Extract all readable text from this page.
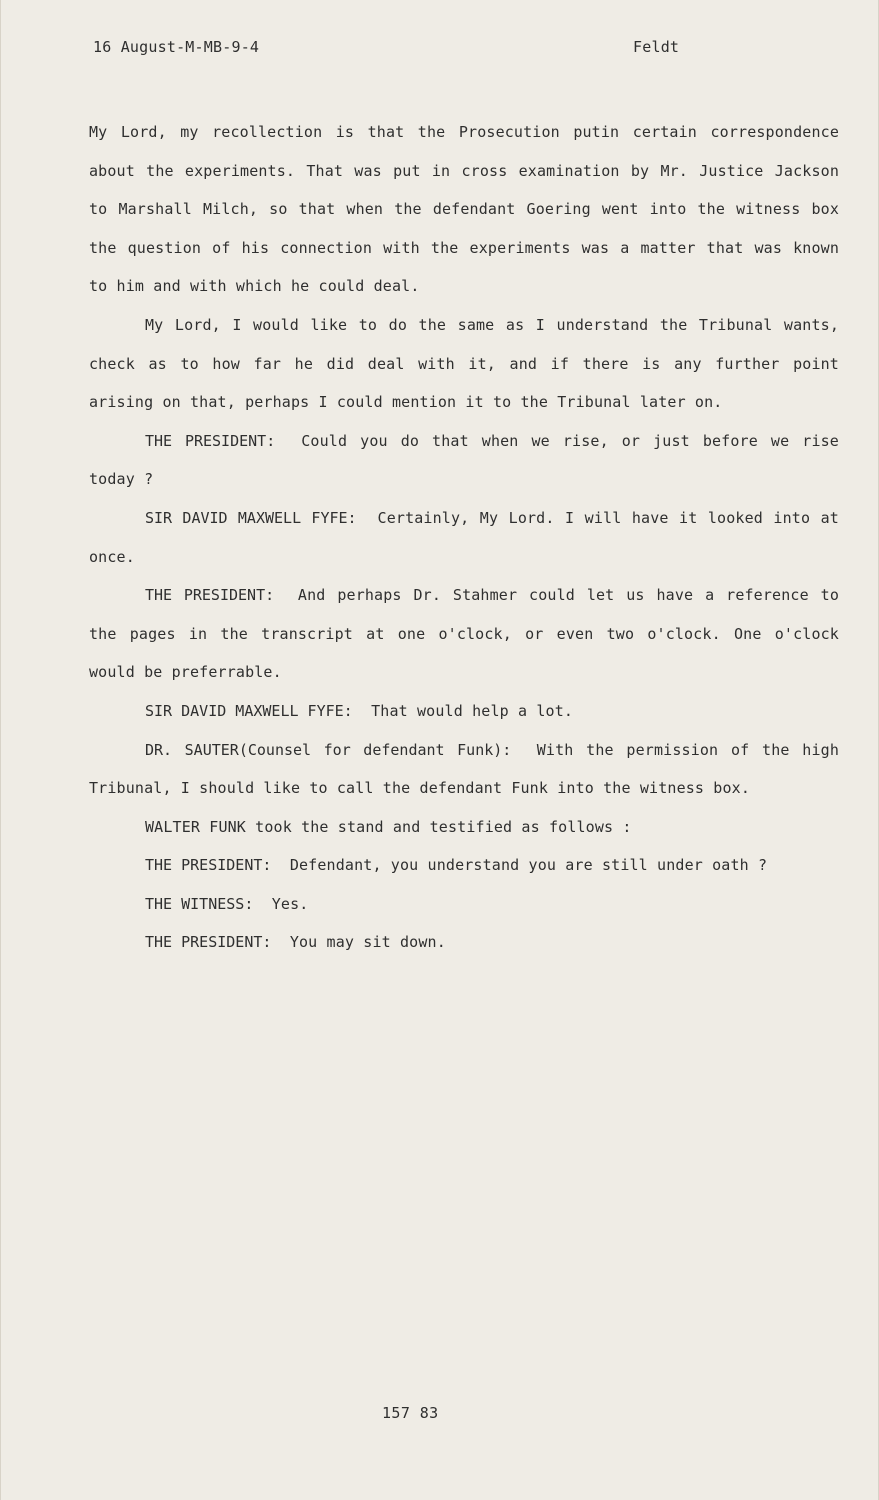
16 August-M-MB-9-4	Feldt

My Lord, my recollection is that the Prosecution putin certain correspondence about the experiments. That was put in cross examination by Mr. Justice Jackson to Marshall Milch, so that when the defendant Goering went into the witness box the question of his connection with the experiments was a matter that was known to him and with which he could deal.

My Lord, I would like to do the same as I understand the Tribunal wants, check as to how far he did deal with it, and if there is any further point arising on that, perhaps I could mention it to the Tribunal later on.

THE PRESIDENT: Could you do that when we rise, or just before we rise today ?

SIR DAVID MAXWELL FYFE: Certainly, My Lord. I will have it looked into at once.

THE PRESIDENT: And perhaps Dr. Stahmer could let us have a reference to the pages in the transcript at one o'clock, or even two o'clock. One o'clock would be preferrable.

SIR DAVID MAXWELL FYFE: That would help a lot.

DR. SAUTER(Counsel for defendant Funk): With the permission of the high Tribunal, I should like to call the defendant Funk into the witness box.

WALTER FUNK took the stand and testified as follows :

THE PRESIDENT: Defendant, you understand you are still under oath ?

THE WITNESS: Yes.

THE PRESIDENT: You may sit down.

157 83
